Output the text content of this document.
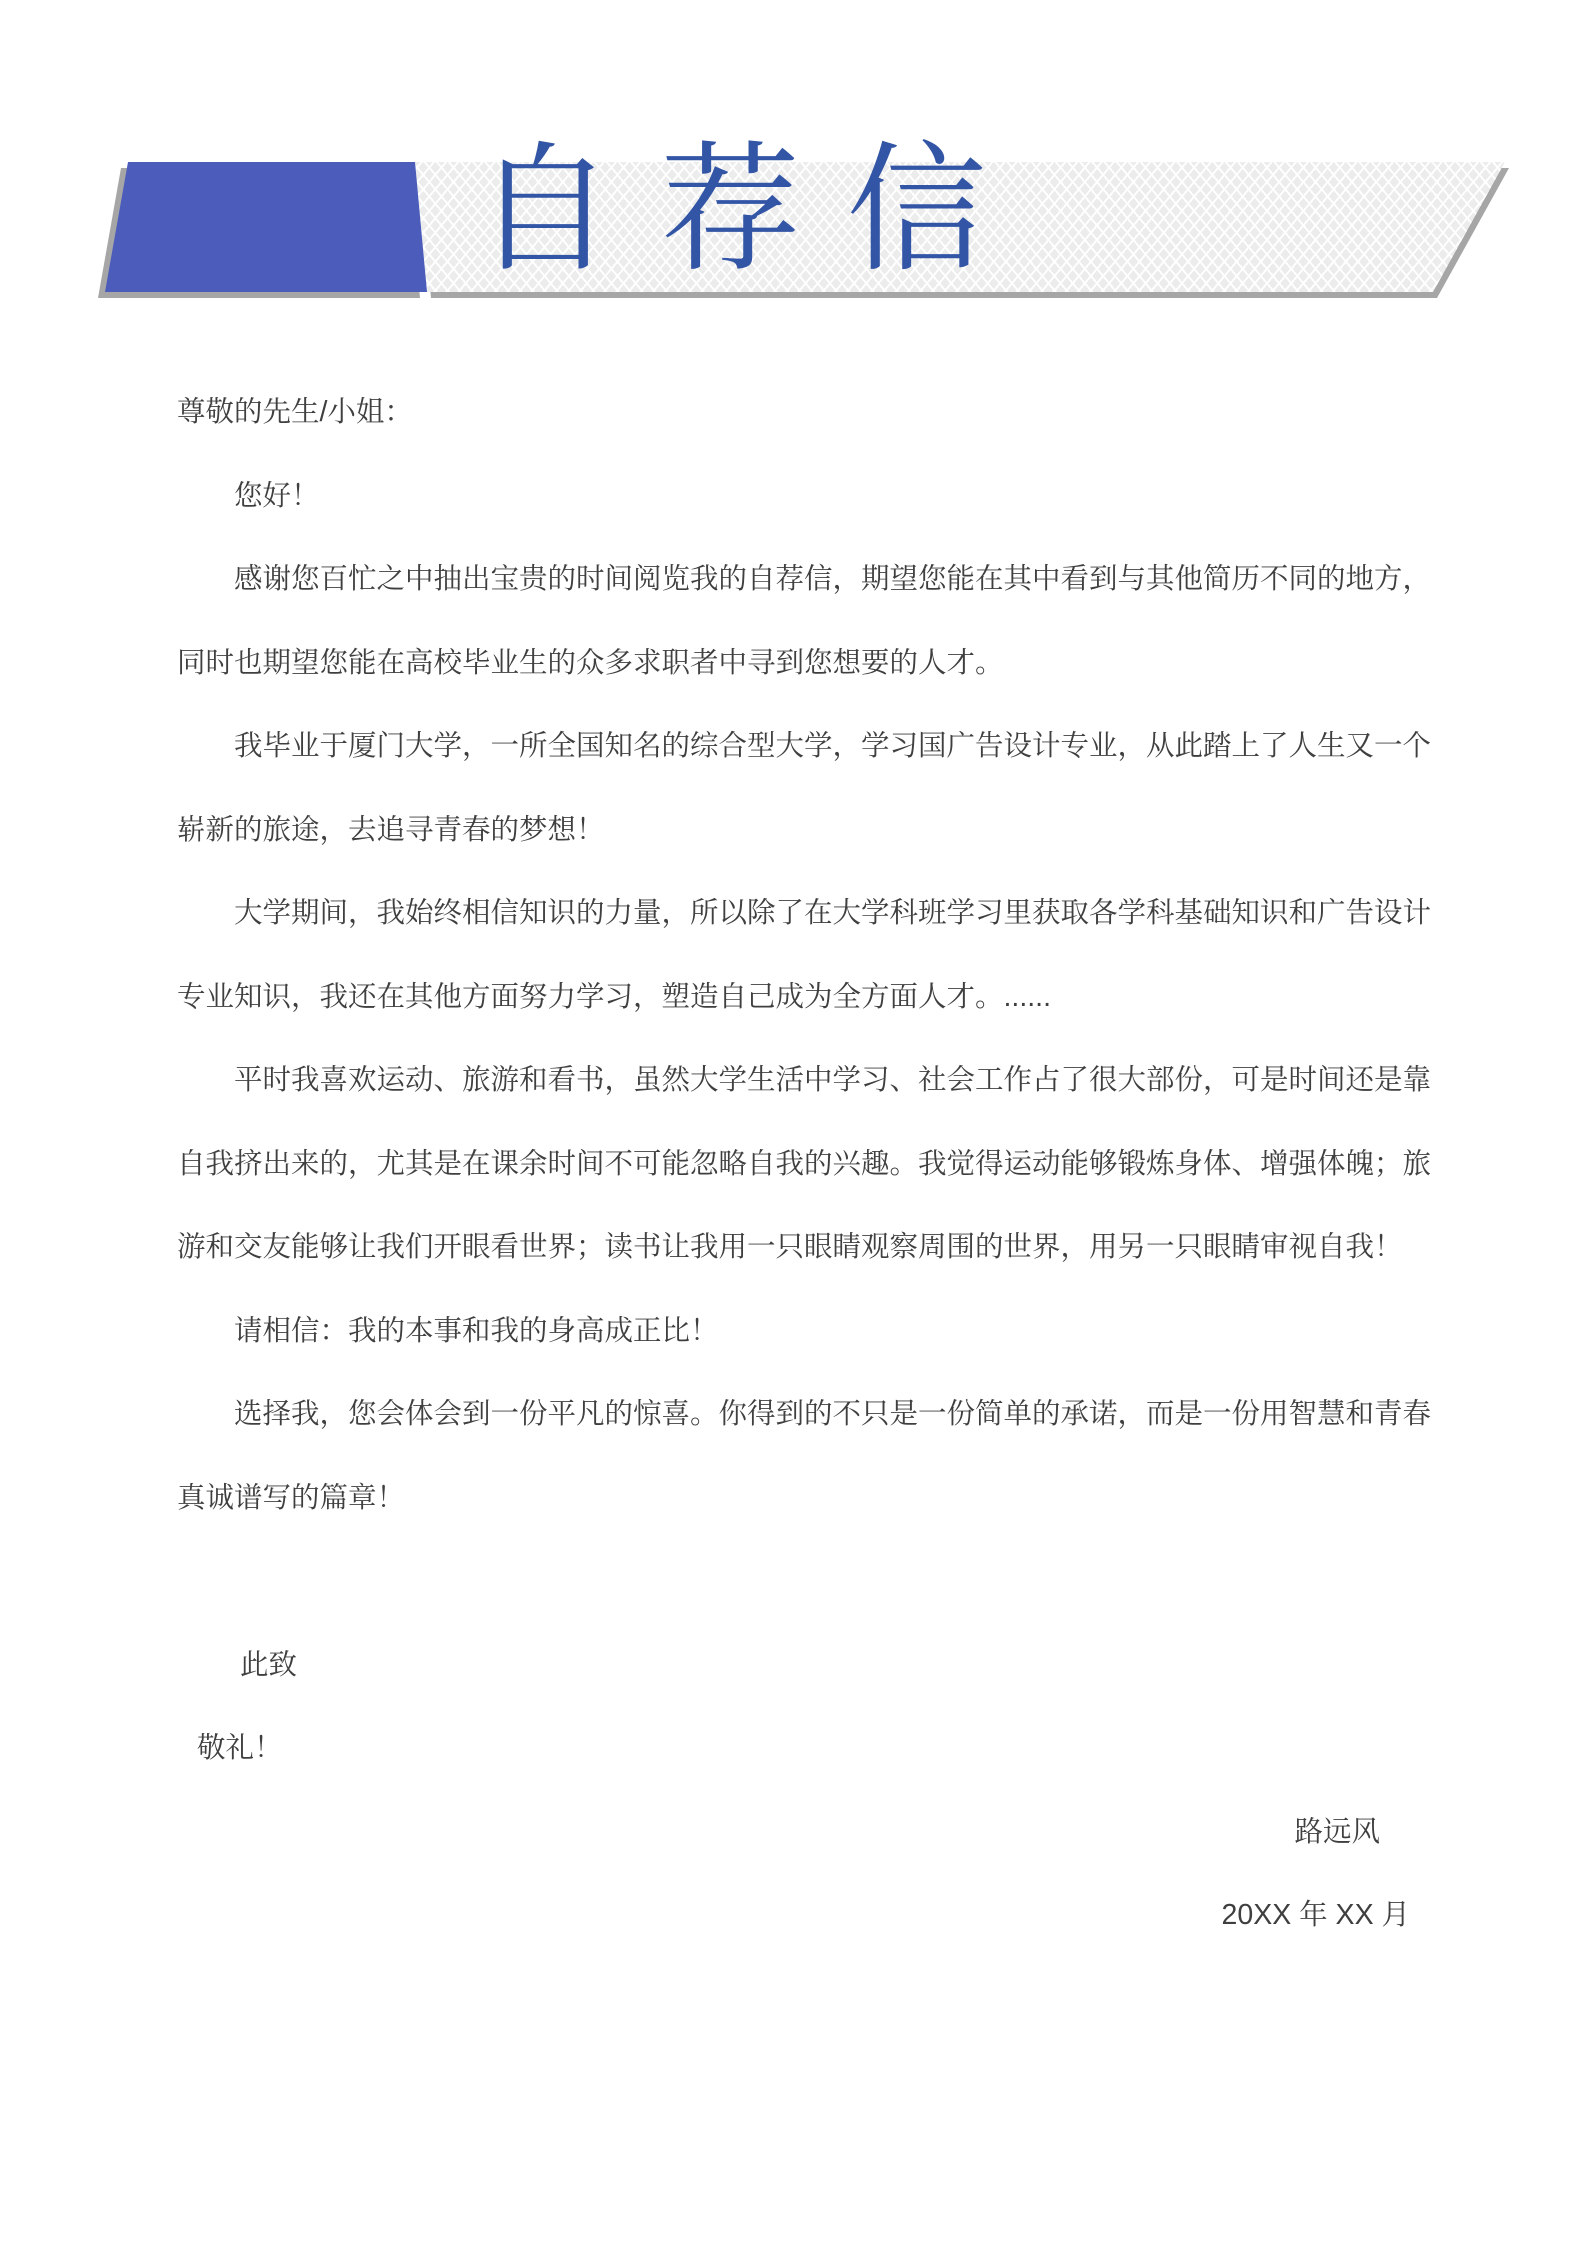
自荐信
尊敬的先生/小姐：
您好！
感谢您百忙之中抽出宝贵的时间阅览我的自荐信，期望您能在其中看到与其他简历不同的地方，
同时也期望您能在高校毕业生的众多求职者中寻到您想要的人才。
我毕业于厦门大学，一所全国知名的综合型大学，学习国广告设计专业，从此踏上了人生又一个
崭新的旅途，去追寻青春的梦想！
大学期间，我始终相信知识的力量，所以除了在大学科班学习里获取各学科基础知识和广告设计
专业知识，我还在其他方面努力学习，塑造自己成为全方面人才。......
平时我喜欢运动、旅游和看书，虽然大学生活中学习、社会工作占了很大部份，可是时间还是靠
自我挤出来的，尤其是在课余时间不可能忽略自我的兴趣。我觉得运动能够锻炼身体、增强体魄；旅
游和交友能够让我们开眼看世界；读书让我用一只眼睛观察周围的世界，用另一只眼睛审视自我！
请相信：我的本事和我的身高成正比！
选择我，您会体会到一份平凡的惊喜。你得到的不只是一份简单的承诺，而是一份用智慧和青春
真诚谱写的篇章！
此致
敬礼！
路远风
20XX 年 XX 月
